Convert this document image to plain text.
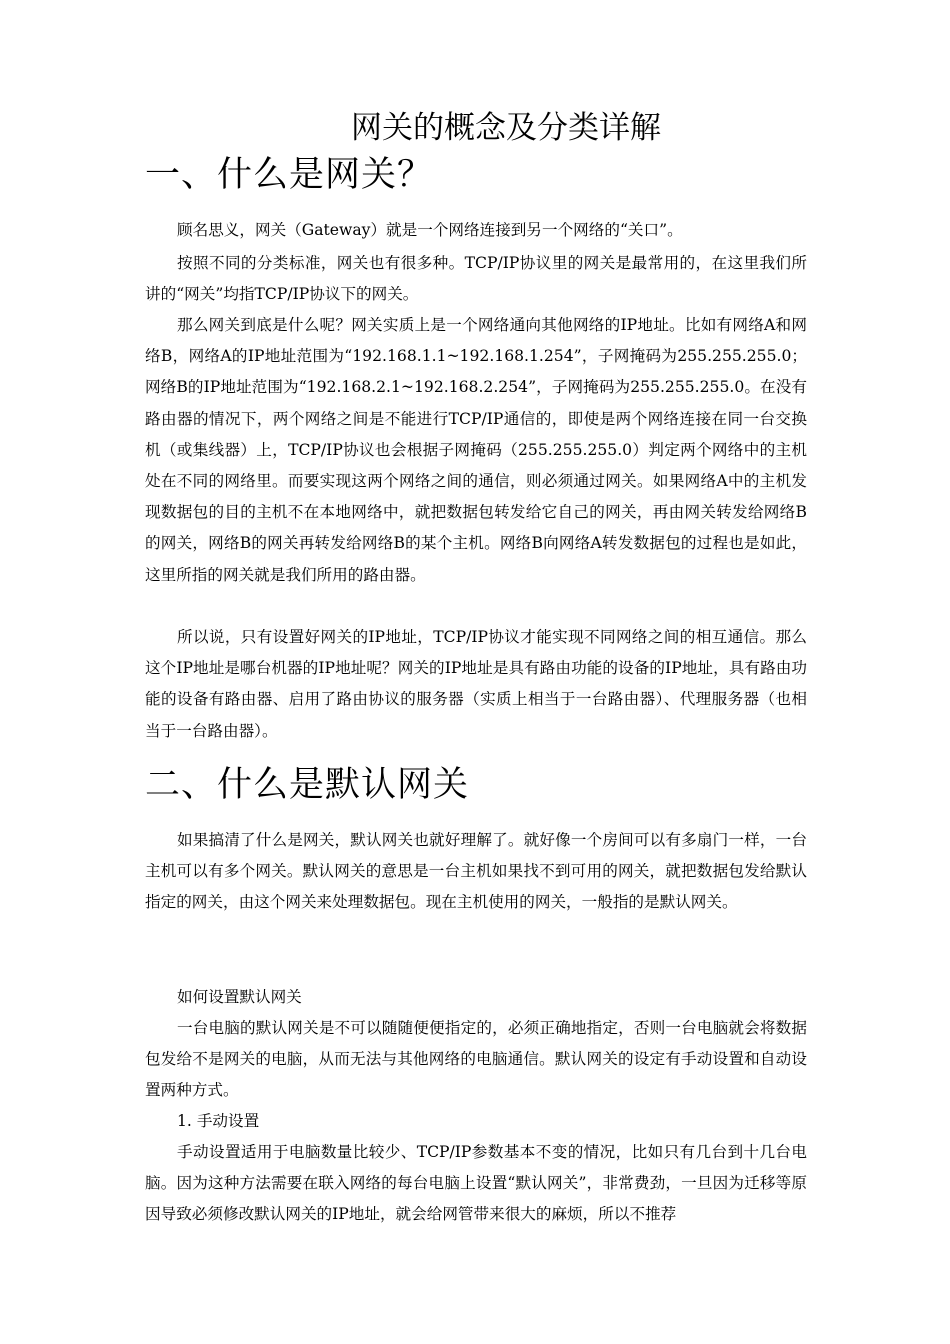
网关的概念及分类详解
一、什么是网关？

顾名思义，网关（Gateway）就是一个网络连接到另一个网络的“关口”。

按照不同的分类标准，网关也有很多种。TCP/IP协议里的网关是最常用的，在这里我们所讲的“网关”均指TCP/IP协议下的网关。

那么网关到底是什么呢？网关实质上是一个网络通向其他网络的IP地址。比如有网络A和网络B，网络A的IP地址范围为“192.168.1.1~192.168.1.254”，子网掩码为255.255.255.0；网络B的IP地址范围为“192.168.2.1~192.168.2.254”，子网掩码为255.255.255.0。在没有路由器的情况下，两个网络之间是不能进行TCP/IP通信的，即使是两个网络连接在同一台交换机（或集线器）上，TCP/IP协议也会根据子网掩码（255.255.255.0）判定两个网络中的主机处在不同的网络里。而要实现这两个网络之间的通信，则必须通过网关。如果网络A中的主机发现数据包的目的主机不在本地网络中，就把数据包转发给它自己的网关，再由网关转发给网络B的网关，网络B的网关再转发给网络B的某个主机。网络B向网络A转发数据包的过程也是如此，这里所指的网关就是我们所用的路由器。

所以说，只有设置好网关的IP地址，TCP/IP协议才能实现不同网络之间的相互通信。那么这个IP地址是哪台机器的IP地址呢？网关的IP地址是具有路由功能的设备的IP地址，具有路由功能的设备有路由器、启用了路由协议的服务器（实质上相当于一台路由器）、代理服务器（也相当于一台路由器）。

二、什么是默认网关

如果搞清了什么是网关，默认网关也就好理解了。就好像一个房间可以有多扇门一样，一台主机可以有多个网关。默认网关的意思是一台主机如果找不到可用的网关，就把数据包发给默认指定的网关，由这个网关来处理数据包。现在主机使用的网关，一般指的是默认网关。

如何设置默认网关

一台电脑的默认网关是不可以随随便便指定的，必须正确地指定，否则一台电脑就会将数据包发给不是网关的电脑，从而无法与其他网络的电脑通信。默认网关的设定有手动设置和自动设置两种方式。

1. 手动设置

手动设置适用于电脑数量比较少、TCP/IP参数基本不变的情况，比如只有几台到十几台电脑。因为这种方法需要在联入网络的每台电脑上设置“默认网关”，非常费劲，一旦因为迁移等原因导致必须修改默认网关的IP地址，就会给网管带来很大的麻烦，所以不推荐
